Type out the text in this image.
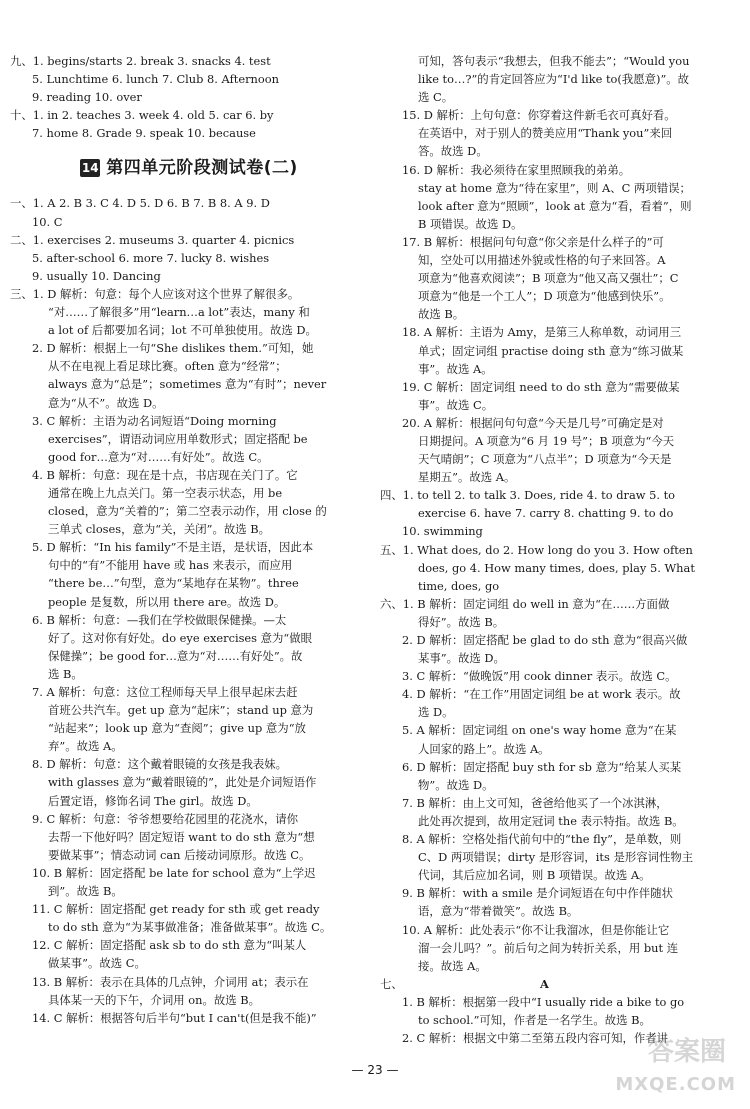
九、1. begins/starts 2. break 3. snacks 4. test
5. Lunchtime 6. lunch 7. Club 8. Afternoon
9. reading 10. over
十、1. in 2. teaches 3. week 4. old 5. car 6. by
7. home 8. Grade 9. speak 10. because
14 第四单元阶段测试卷(二)
一、1. A 2. B 3. C 4. D 5. D 6. B 7. B 8. A 9. D
10. C
二、1. exercises 2. museums 3. quarter 4. picnics
5. after-school 6. more 7. lucky 8. wishes
9. usually 10. Dancing
三、1. D 解析：句意：每个人应该对这个世界了解很多。
“对……了解很多”用“learn…a lot”表达，many 和
a lot of 后都要加名词；lot 不可单独使用。故选 D。
2. D 解析：根据上一句“She dislikes them.”可知，她
从不在电视上看足球比赛。often 意为“经常”；
always 意为“总是”；sometimes 意为“有时”；never
意为“从不”。故选 D。
3. C 解析：主语为动名词短语“Doing morning
exercises”，谓语动词应用单数形式；固定搭配 be
good for…意为“对……有好处”。故选 C。
4. B 解析：句意：现在是十点，书店现在关门了。它
通常在晚上九点关门。第一空表示状态，用 be
closed，意为“关着的”；第二空表示动作，用 close 的
三单式 closes，意为“关，关闭”。故选 B。
5. D 解析：“In his family”不是主语，是状语，因此本
句中的“有”不能用 have 或 has 来表示，而应用
“there be…”句型，意为“某地存在某物”。three
people 是复数，所以用 there are。故选 D。
6. B 解析：句意：—我们在学校做眼保健操。—太
好了。这对你有好处。do eye exercises 意为“做眼
保健操”；be good for…意为“对……有好处”。故
选 B。
7. A 解析：句意：这位工程师每天早上很早起床去赶
首班公共汽车。get up 意为“起床”；stand up 意为
“站起来”；look up 意为“查阅”；give up 意为“放
弃”。故选 A。
8. D 解析：句意：这个戴着眼镜的女孩是我表妹。
with glasses 意为“戴着眼镜的”，此处是介词短语作
后置定语，修饰名词 The girl。故选 D。
9. C 解析：句意：爷爷想要给花园里的花浇水，请你
去帮一下他好吗？固定短语 want to do sth 意为“想
要做某事”；情态动词 can 后接动词原形。故选 C。
10. B 解析：固定搭配 be late for school 意为“上学迟
到”。故选 B。
11. C 解析：固定搭配 get ready for sth 或 get ready
to do sth 意为“为某事做准备；准备做某事”。故选 C。
12. C 解析：固定搭配 ask sb to do sth 意为“叫某人
做某事”。故选 C。
13. B 解析：表示在具体的几点钟，介词用 at；表示在
具体某一天的下午，介词用 on。故选 B。
14. C 解析：根据答句后半句“but I can't(但是我不能)”
可知，答句表示“我想去，但我不能去”；“Would you
like to…?”的肯定回答应为“I'd like to(我愿意)”。故
选 C。
15. D 解析：上句句意：你穿着这件新毛衣可真好看。
在英语中，对于别人的赞美应用“Thank you”来回
答。故选 D。
16. D 解析：我必须待在家里照顾我的弟弟。
stay at home 意为“待在家里”，则 A、C 两项错误；
look after 意为“照顾”，look at 意为“看，看着”，则
B 项错误。故选 D。
17. B 解析：根据问句句意“你父亲是什么样子的”可
知，空处可以用描述外貌或性格的句子来回答。A
项意为“他喜欢阅读”；B 项意为“他又高又强壮”；C
项意为“他是一个工人”；D 项意为“他感到快乐”。
故选 B。
18. A 解析：主语为 Amy，是第三人称单数，动词用三
单式；固定词组 practise doing sth 意为“练习做某
事”。故选 A。
19. C 解析：固定词组 need to do sth 意为“需要做某
事”。故选 C。
20. A 解析：根据问句句意“今天是几号”可确定是对
日期提问。A 项意为“6 月 19 号”；B 项意为“今天
天气晴朗”；C 项意为“八点半”；D 项意为“今天是
星期五”。故选 A。
四、1. to tell 2. to talk 3. Does, ride 4. to draw 5. to
exercise 6. have 7. carry 8. chatting 9. to do
10. swimming
五、1. What does, do 2. How long do you 3. How often
does, go 4. How many times, does, play 5. What
time, does, go
六、1. B 解析：固定词组 do well in 意为“在……方面做
得好”。故选 B。
2. D 解析：固定搭配 be glad to do sth 意为“很高兴做
某事”。故选 D。
3. C 解析：“做晚饭”用 cook dinner 表示。故选 C。
4. D 解析：“在工作”用固定词组 be at work 表示。故
选 D。
5. A 解析：固定词组 on one's way home 意为“在某
人回家的路上”。故选 A。
6. D 解析：固定搭配 buy sth for sb 意为“给某人买某
物”。故选 D。
7. B 解析：由上文可知，爸爸给他买了一个冰淇淋，
此处再次提到，故用定冠词 the 表示特指。故选 B。
8. A 解析：空格处指代前句中的“the fly”，是单数，则
C、D 两项错误；dirty 是形容词，its 是形容词性物主
代词，其后应加名词，则 B 项错误。故选 A。
9. B 解析：with a smile 是介词短语在句中作伴随状
语，意为“带着微笑”。故选 B。
10. A 解析：此处表示“你不让我溜冰，但是你能让它
溜一会儿吗？”。前后句之间为转折关系，用 but 连
接。故选 A。
七、	A
1. B 解析：根据第一段中“I usually ride a bike to go
to school.”可知，作者是一名学生。故选 B。
2. C 解析：根据文中第二至第五段内容可知，作者讲
— 23 —
答案圈
MXQE.COM
